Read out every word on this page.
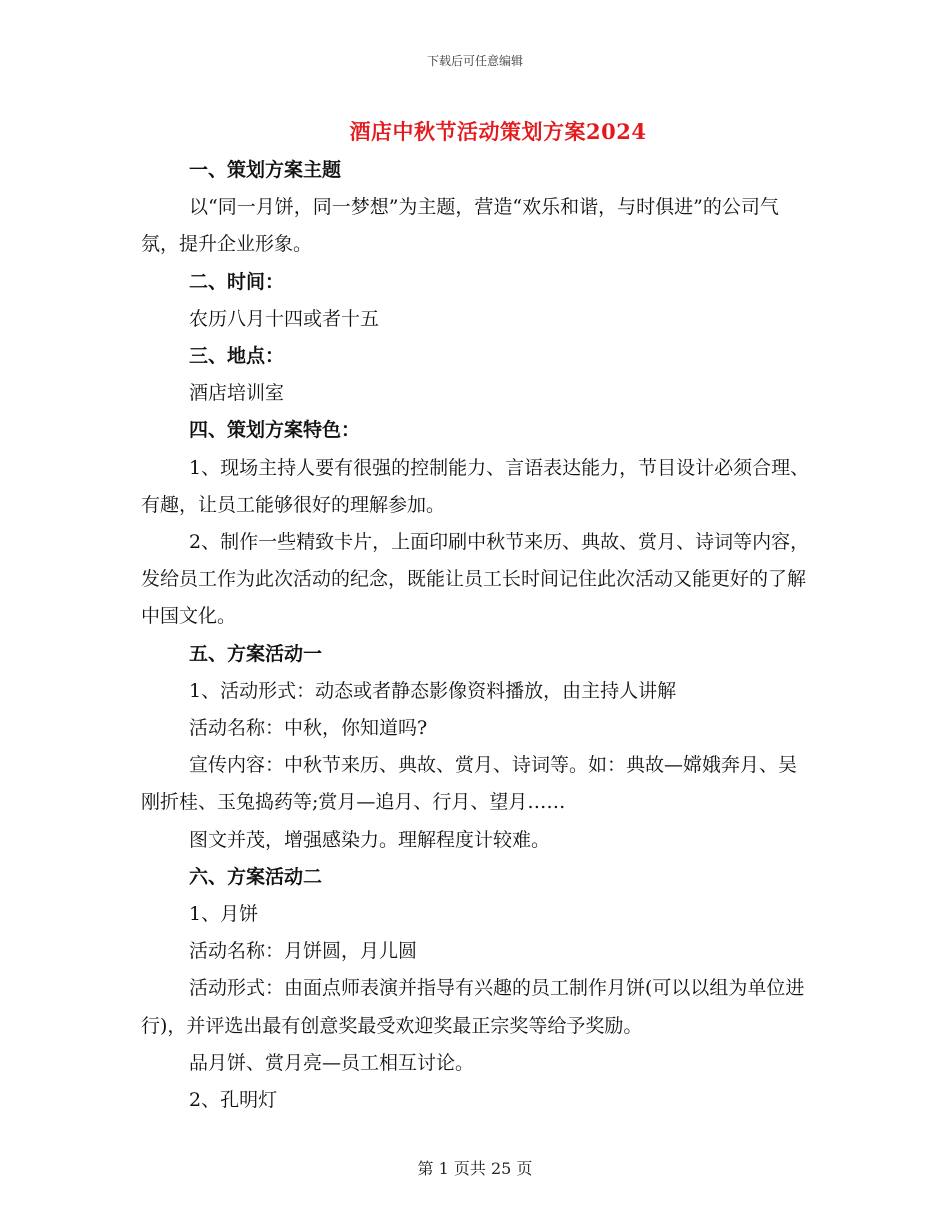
下载后可任意编辑
酒店中秋节活动策划方案2024

一、策划方案主题

以“同一月饼，同一梦想”为主题，营造“欢乐和谐，与时俱进”的公司气氛，提升企业形象。

二、时间：

农历八月十四或者十五

三、地点：

酒店培训室

四、策划方案特色：

1、现场主持人要有很强的控制能力、言语表达能力，节目设计必须合理、有趣，让员工能够很好的理解参加。

2、制作一些精致卡片，上面印刷中秋节来历、典故、赏月、诗词等内容，发给员工作为此次活动的纪念，既能让员工长时间记住此次活动又能更好的了解中国文化。

五、方案活动一

1、活动形式：动态或者静态影像资料播放，由主持人讲解

活动名称：中秋，你知道吗?

宣传内容：中秋节来历、典故、赏月、诗词等。如：典故—嫦娥奔月、吴刚折桂、玉兔捣药等;赏月—追月、行月、望月……

图文并茂，增强感染力。理解程度计较难。

六、方案活动二

1、月饼

活动名称：月饼圆，月儿圆

活动形式：由面点师表演并指导有兴趣的员工制作月饼(可以以组为单位进行)，并评选出最有创意奖最受欢迎奖最正宗奖等给予奖励。

品月饼、赏月亮—员工相互讨论。

2、孔明灯

第 1 页共 25 页
